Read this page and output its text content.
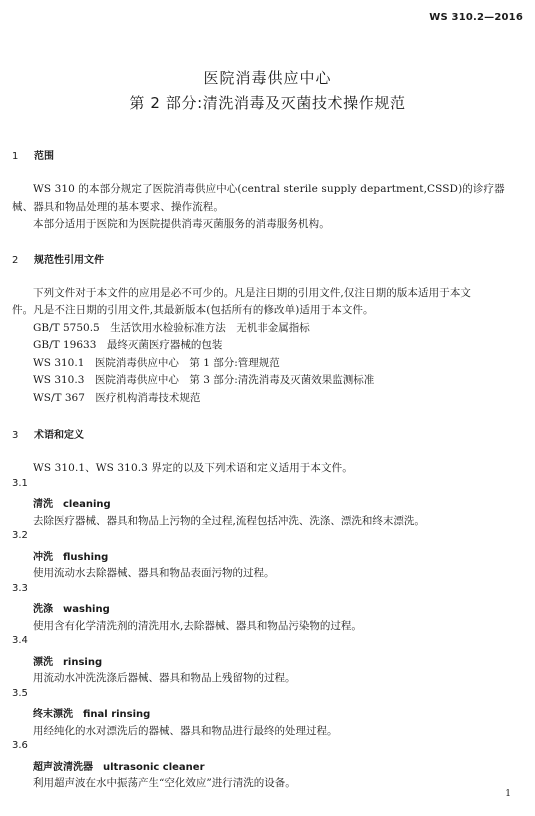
WS 310.2—2016
医院消毒供应中心
第 2 部分:清洗消毒及灭菌技术操作规范
1 范围
WS 310 的本部分规定了医院消毒供应中心(central sterile supply department,CSSD)的诊疗器
械、器具和物品处理的基本要求、操作流程。
本部分适用于医院和为医院提供消毒灭菌服务的消毒服务机构。
2 规范性引用文件
下列文件对于本文件的应用是必不可少的。凡是注日期的引用文件,仅注日期的版本适用于本文
件。凡是不注日期的引用文件,其最新版本(包括所有的修改单)适用于本文件。
GB/T 5750.5　生活饮用水检验标准方法　无机非金属指标
GB/T 19633　最终灭菌医疗器械的包装
WS 310.1　医院消毒供应中心　第 1 部分:管理规范
WS 310.3　医院消毒供应中心　第 3 部分:清洗消毒及灭菌效果监测标准
WS/T 367　医疗机构消毒技术规范
3 术语和定义
WS 310.1、WS 310.3 界定的以及下列术语和定义适用于本文件。
3.1
清洗 cleaning
去除医疗器械、器具和物品上污物的全过程,流程包括冲洗、洗涤、漂洗和终末漂洗。
3.2
冲洗 flushing
使用流动水去除器械、器具和物品表面污物的过程。
3.3
洗涤 washing
使用含有化学清洗剂的清洗用水,去除器械、器具和物品污染物的过程。
3.4
漂洗 rinsing
用流动水冲洗洗涤后器械、器具和物品上残留物的过程。
3.5
终末漂洗 final rinsing
用经纯化的水对漂洗后的器械、器具和物品进行最终的处理过程。
3.6
超声波清洗器 ultrasonic cleaner
利用超声波在水中振荡产生“空化效应”进行清洗的设备。
1
